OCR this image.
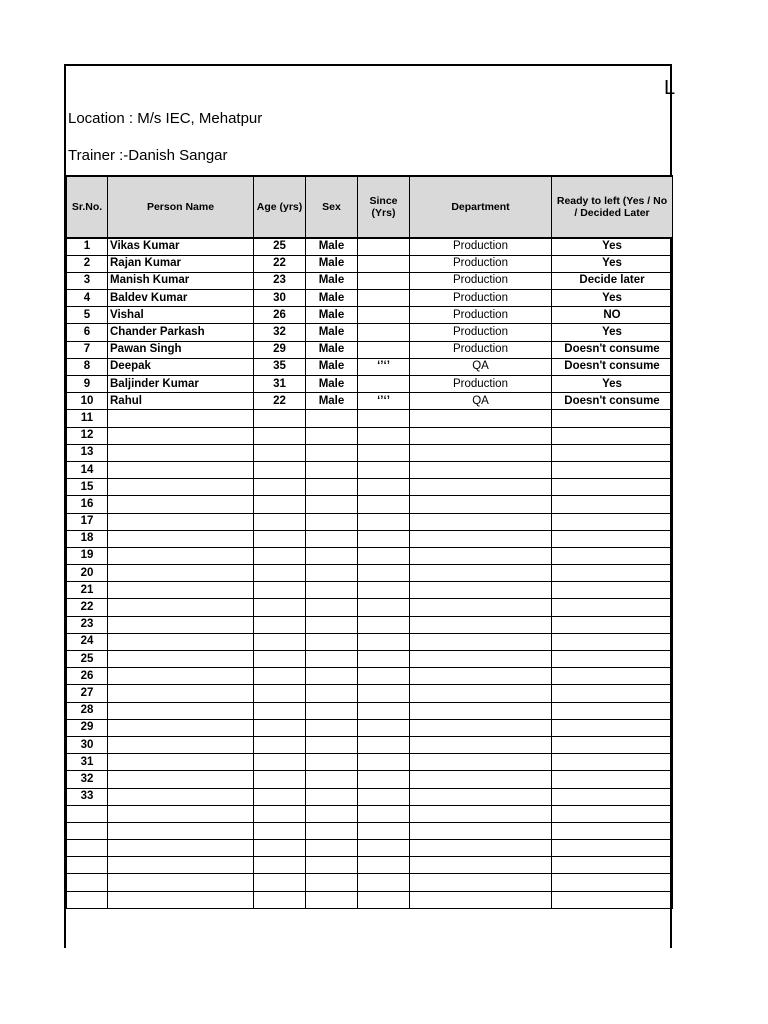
L
Location : M/s IEC, Mehatpur
Trainer :-Danish Sangar
Sr.No.	Person Name	Age (yrs)	Sex	Since (Yrs)	Department	Ready to left (Yes / No / Decided Later
1	Vikas Kumar	25	Male		Production	Yes
2	Rajan Kumar	22	Male		Production	Yes
3	Manish Kumar	23	Male		Production	Decide later
4	Baldev Kumar	30	Male		Production	Yes
5	Vishal	26	Male		Production	NO
6	Chander Parkash	32	Male		Production	Yes
7	Pawan Singh	29	Male		Production	Doesn't consume
8	Deepak	35	Male	‘’‘’	QA	Doesn't consume
9	Baljinder Kumar	31	Male		Production	Yes
10	Rahul	22	Male	‘’‘’	QA	Doesn't consume
11						
12						
13						
14						
15						
16						
17						
18						
19						
20						
21						
22						
23						
24						
25						
26						
27						
28						
29						
30						
31						
32						
33						
